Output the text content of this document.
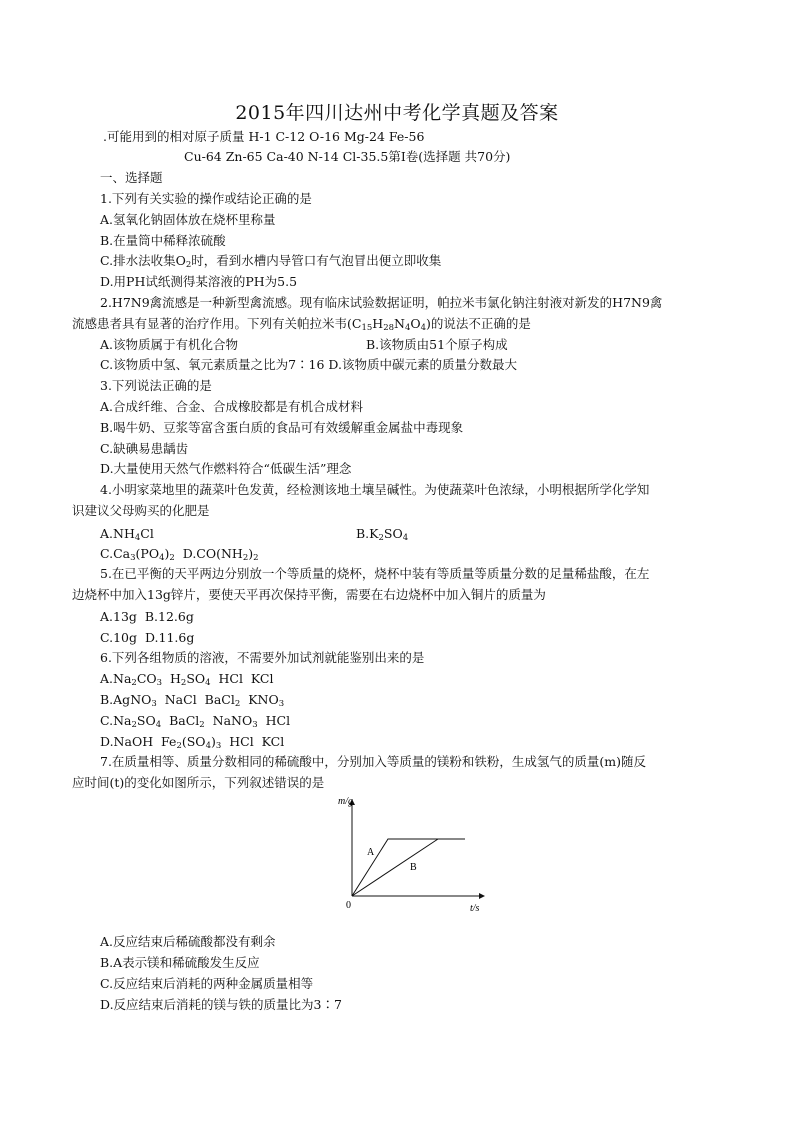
2015年四川达州中考化学真题及答案
.可能用到的相对原子质量 H-1 C-12 O-16 Mg-24 Fe-56
Cu-64 Zn-65 Ca-40 N-14 Cl-35.5第Ⅰ卷(选择题 共70分)
一、选择题
1.下列有关实验的操作或结论正确的是
A.氢氧化钠固体放在烧杯里称量
B.在量筒中稀释浓硫酸
C.排水法收集$O_2$时，看到水槽内导管口有气泡冒出便立即收集
D.用PH试纸测得某溶液的PH为5.5
2.H7N9禽流感是一种新型禽流感。现有临床试验数据证明，帕拉米韦氯化钠注射液对新发的H7N9禽
流感患者具有显著的治疗作用。下列有关帕拉米韦$(C_{15}H_{28}N_4O_4)$的说法不正确的是
A.该物质属于有机化合物	B.该物质由51个原子构成
C.该物质中氢、氧元素质量之比为7∶16 D.该物质中碳元素的质量分数最大
3.下列说法正确的是
A.合成纤维、合金、合成橡胶都是有机合成材料
B.喝牛奶、豆浆等富含蛋白质的食品可有效缓解重金属盐中毒现象
C.缺碘易患龋齿
D.大量使用天然气作燃料符合“低碳生活”理念
4.小明家菜地里的蔬菜叶色发黄，经检测该地土壤呈碱性。为使蔬菜叶色浓绿，小明根据所学化学知
识建议父母购买的化肥是
$A.NH_4Cl$	$B.K_2SO_4$
$C.Ca_3(PO_4)_2$  $D.CO(NH_2)_2$
5.在已平衡的天平两边分别放一个等质量的烧杯，烧杯中装有等质量等质量分数的足量稀盐酸，在左
边烧杯中加入13g锌片，要使天平再次保持平衡，需要在右边烧杯中加入铜片的质量为
A.13g  B.12.6g
C.10g  D.11.6g
6.下列各组物质的溶液，不需要外加试剂就能鉴别出来的是
$A.Na_2CO_3$  $H_2SO_4$  HCl  KCl
B.AgNO$_3$  NaCl  BaCl$_2$  $KNO_3$
$C.Na_2SO_4$  BaCl$_2$  NaNO$_3$  HCl
D.NaOH  $Fe_2(SO_4)_3$  HCl  KCl
7.在质量相等、质量分数相同的稀硫酸中，分别加入等质量的镁粉和铁粉，生成氢气的质量(m)随反
应时间(t)的变化如图所示，下列叙述错误的是
m/g
t/s
0
A
B
A.反应结束后稀硫酸都没有剩余
B.A表示镁和稀硫酸发生反应
C.反应结束后消耗的两种金属质量相等
D.反应结束后消耗的镁与铁的质量比为3∶7
